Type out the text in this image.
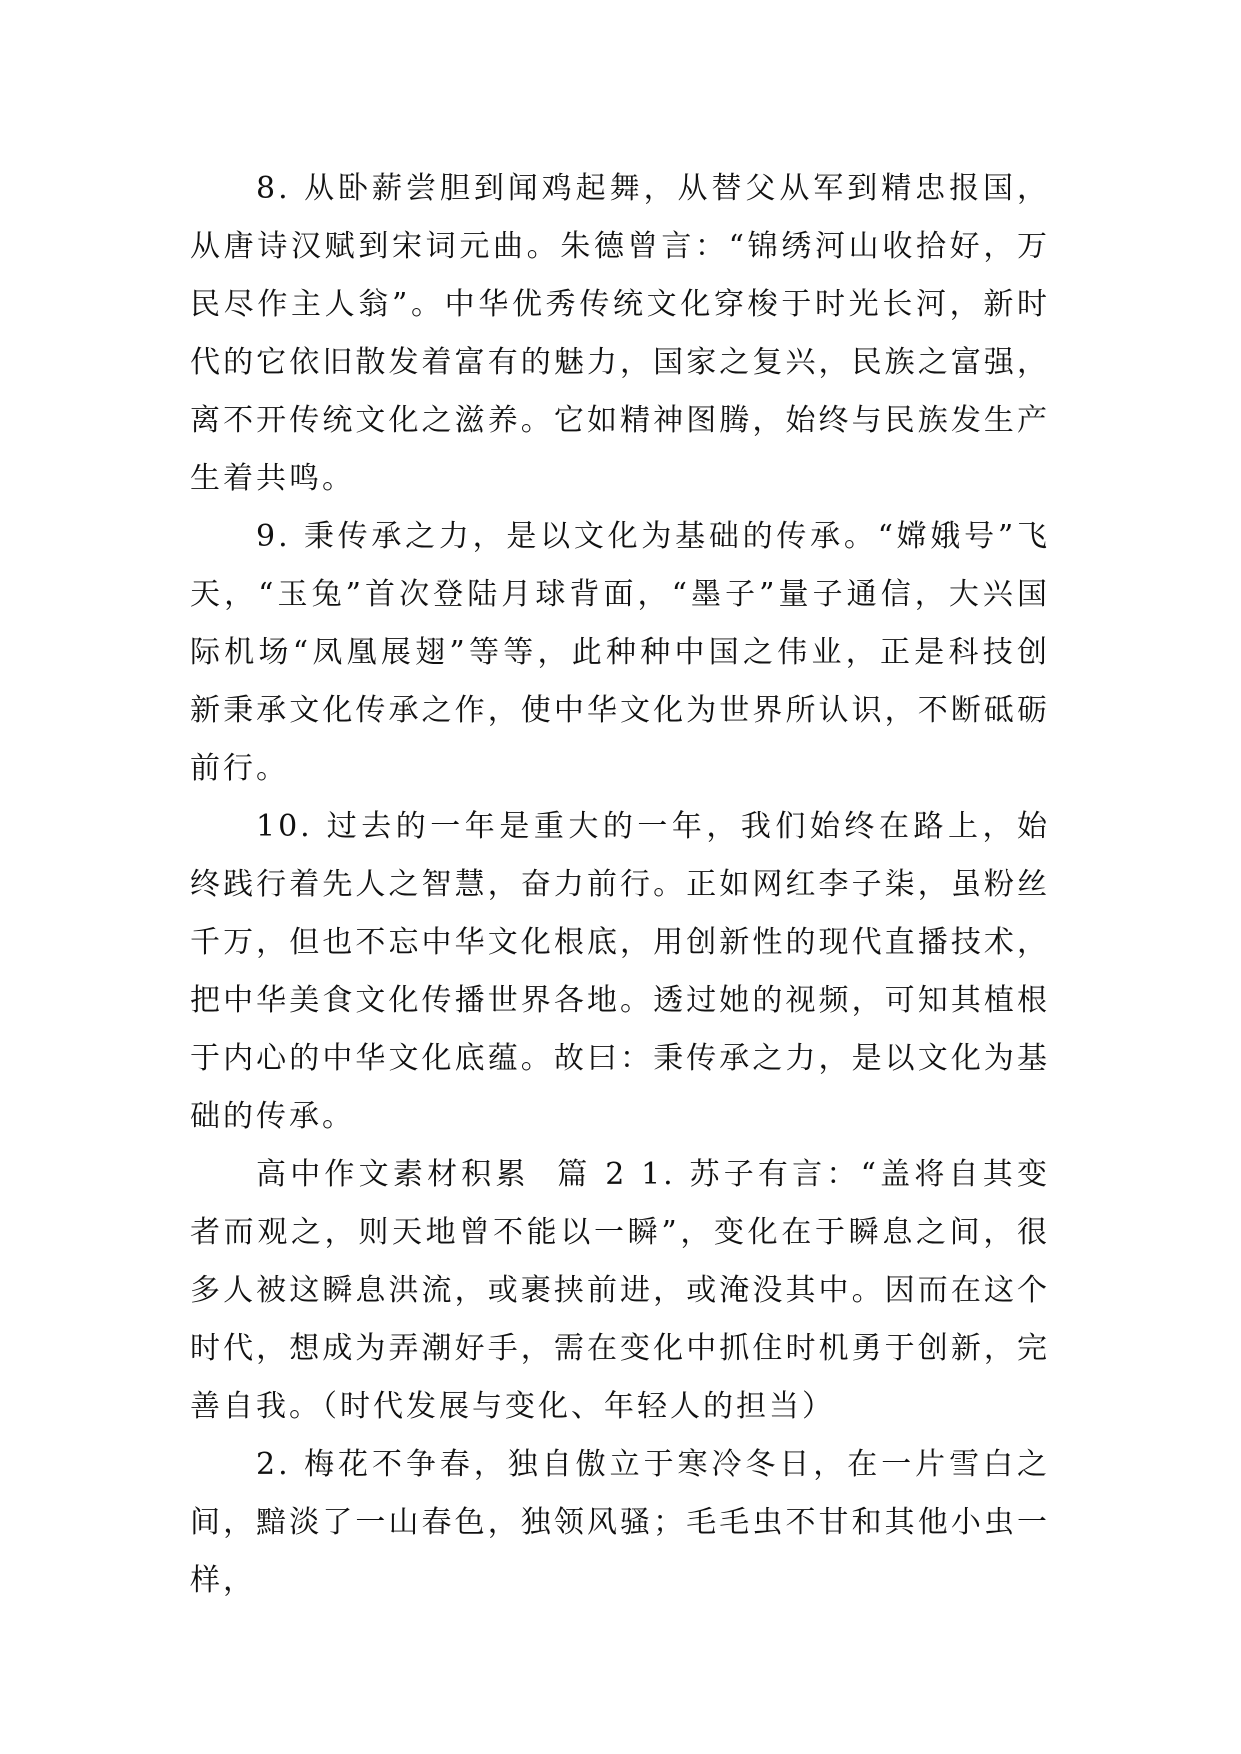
8. 从卧薪尝胆到闻鸡起舞，从替父从军到精忠报国，从唐诗汉赋到宋词元曲。朱德曾言：“锦绣河山收拾好，万民尽作主人翁”。中华优秀传统文化穿梭于时光长河，新时代的它依旧散发着富有的魅力，国家之复兴，民族之富强，离不开传统文化之滋养。它如精神图腾，始终与民族发生产生着共鸣。

9. 秉传承之力，是以文化为基础的传承。“嫦娥号”飞天，“玉兔”首次登陆月球背面，“墨子”量子通信，大兴国际机场“凤凰展翅”等等，此种种中国之伟业，正是科技创新秉承文化传承之作，使中华文化为世界所认识，不断砥砺前行。

10. 过去的一年是重大的一年，我们始终在路上，始终践行着先人之智慧，奋力前行。正如网红李子柒，虽粉丝千万，但也不忘中华文化根底，用创新性的现代直播技术，把中华美食文化传播世界各地。透过她的视频，可知其植根于内心的中华文化底蕴。故曰：秉传承之力，是以文化为基础的传承。

高中作文素材积累  篇 2 1. 苏子有言：“盖将自其变者而观之，则天地曾不能以一瞬”，变化在于瞬息之间，很多人被这瞬息洪流，或裹挟前进，或淹没其中。因而在这个时代，想成为弄潮好手，需在变化中抓住时机勇于创新，完善自我。（时代发展与变化、年轻人的担当）

2. 梅花不争春，独自傲立于寒冷冬日，在一片雪白之间，黯淡了一山春色，独领风骚；毛毛虫不甘和其他小虫一样，
